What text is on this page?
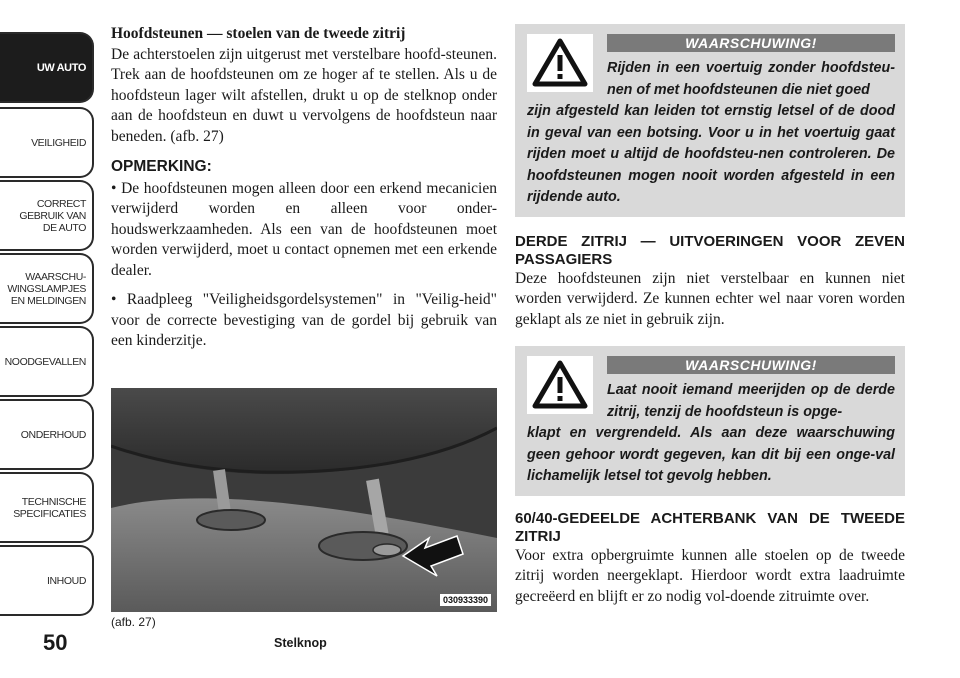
UW AUTO
VEILIGHEID
CORRECT
GEBRUIK VAN
DE AUTO
WAARSCHU-
WINGSLAMPJES
EN MELDINGEN
NOODGEVALLEN
ONDERHOUD
TECHNISCHE
SPECIFICATIES
INHOUD
50

Hoofdsteunen — stoelen van de tweede zitrij

De achterstoelen zijn uitgerust met verstelbare hoofd-steunen. Trek aan de hoofdsteunen om ze hoger af te stellen. Als u de hoofdsteun lager wilt afstellen, drukt u op de stelknop onder aan de hoofdsteun en duwt u vervolgens de hoofdsteun naar beneden. (afb. 27)

OPMERKING:

• De hoofdsteunen mogen alleen door een erkend mecanicien verwijderd worden en alleen voor onder-houdswerkzaamheden. Als een van de hoofdsteunen moet worden verwijderd, moet u contact opnemen met een erkende dealer.

• Raadpleeg "Veiligheidsgordelsystemen" in "Veilig-heid" voor de correcte bevestiging van de gordel bij gebruik van een kinderzitje.

030933390
(afb. 27)
Stelknop
WAARSCHUWING!
Rijden in een voertuig zonder hoofdsteu-nen of met hoofdsteunen die niet goed
zijn afgesteld kan leiden tot ernstig letsel of de dood in geval van een botsing. Voor u in het voertuig gaat rijden moet u altijd de hoofdsteu-nen controleren. De hoofdsteunen mogen nooit worden afgesteld in een rijdende auto.

DERDE ZITRIJ — UITVOERINGEN VOOR ZEVEN PASSAGIERS

Deze hoofdsteunen zijn niet verstelbaar en kunnen niet worden verwijderd. Ze kunnen echter wel naar voren worden geklapt als ze niet in gebruik zijn.

WAARSCHUWING!
Laat nooit iemand meerijden op de derde zitrij, tenzij de hoofdsteun is opge-
klapt en vergrendeld. Als aan deze waarschuwing geen gehoor wordt gegeven, kan dit bij een onge-val lichamelijk letsel tot gevolg hebben.

60/40-GEDEELDE ACHTERBANK VAN DE TWEEDE ZITRIJ

Voor extra opbergruimte kunnen alle stoelen op de tweede zitrij worden neergeklapt. Hierdoor wordt extra laadruimte gecreëerd en blijft er zo nodig vol-doende zitruimte over.
